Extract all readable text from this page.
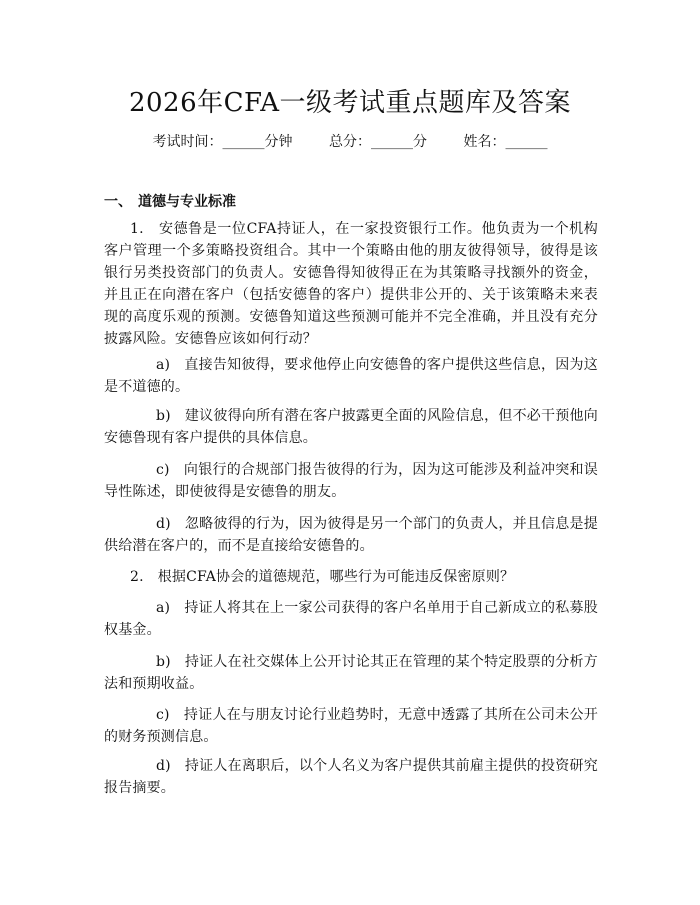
2026年CFA一级考试重点题库及答案
考试时间：______分钟	总分：______分	姓名：______
一、 道德与专业标准
1. 安德鲁是一位CFA持证人，在一家投资银行工作。他负责为一个机构客户管理一个多策略投资组合。其中一个策略由他的朋友彼得领导，彼得是该银行另类投资部门的负责人。安德鲁得知彼得正在为其策略寻找额外的资金，并且正在向潜在客户（包括安德鲁的客户）提供非公开的、关于该策略未来表现的高度乐观的预测。安德鲁知道这些预测可能并不完全准确，并且没有充分披露风险。安德鲁应该如何行动？
a) 直接告知彼得，要求他停止向安德鲁的客户提供这些信息，因为这是不道德的。
b) 建议彼得向所有潜在客户披露更全面的风险信息，但不必干预他向安德鲁现有客户提供的具体信息。
c) 向银行的合规部门报告彼得的行为，因为这可能涉及利益冲突和误导性陈述，即使彼得是安德鲁的朋友。
d) 忽略彼得的行为，因为彼得是另一个部门的负责人，并且信息是提供给潜在客户的，而不是直接给安德鲁的。
2. 根据CFA协会的道德规范，哪些行为可能违反保密原则？
a) 持证人将其在上一家公司获得的客户名单用于自己新成立的私募股权基金。
b) 持证人在社交媒体上公开讨论其正在管理的某个特定股票的分析方法和预期收益。
c) 持证人在与朋友讨论行业趋势时，无意中透露了其所在公司未公开的财务预测信息。
d) 持证人在离职后，以个人名义为客户提供其前雇主提供的投资研究报告摘要。
